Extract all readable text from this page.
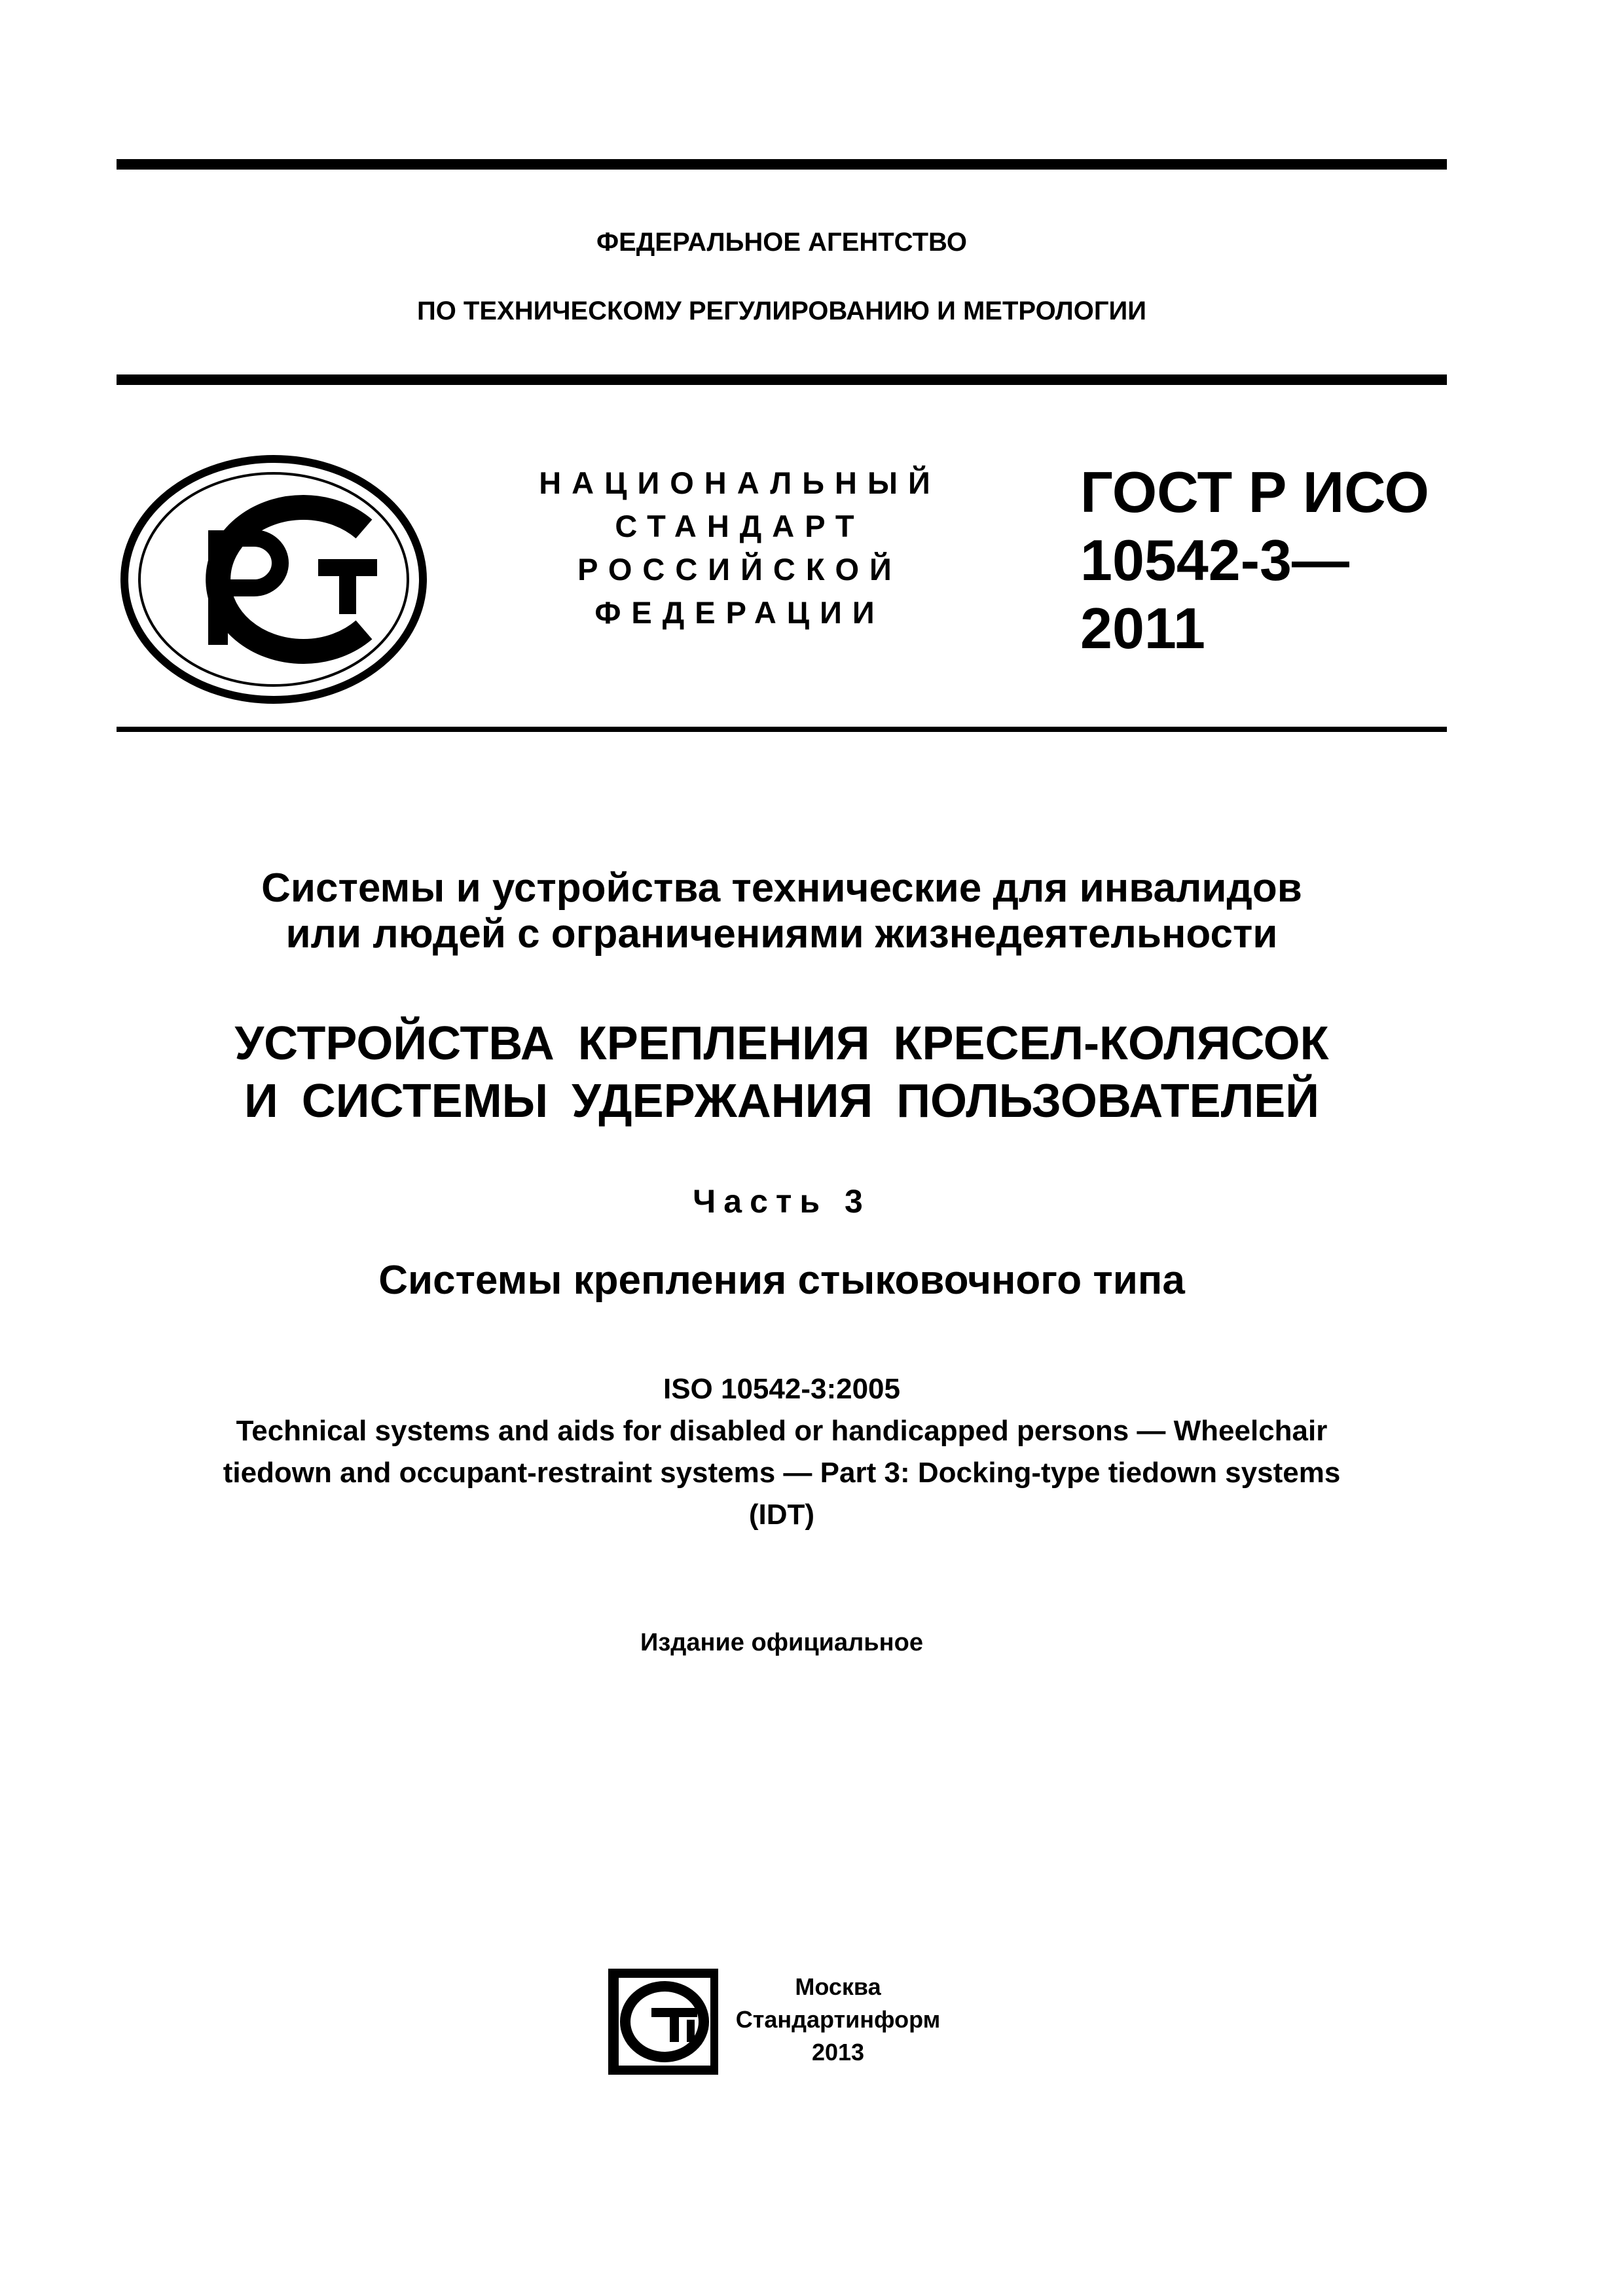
ФЕДЕРАЛЬНОЕ АГЕНТСТВО
ПО ТЕХНИЧЕСКОМУ РЕГУЛИРОВАНИЮ И МЕТРОЛОГИИ
НАЦИОНАЛЬНЫЙ
СТАНДАРТ
РОССИЙСКОЙ
ФЕДЕРАЦИИ
ГОСТ Р ИСО
10542-3—
2011
Системы и устройства технические для инвалидов
или людей с ограничениями жизнедеятельности
УСТРОЙСТВА КРЕПЛЕНИЯ КРЕСЕЛ-КОЛЯСОК
И СИСТЕМЫ УДЕРЖАНИЯ ПОЛЬЗОВАТЕЛЕЙ
Часть 3
Системы крепления стыковочного типа
ISO 10542-3:2005
Technical systems and aids for disabled or handicapped persons — Wheelchair
tiedown and occupant-restraint systems — Part 3: Docking-type tiedown systems
(IDT)
Издание официальное
Москва
Стандартинформ
2013
